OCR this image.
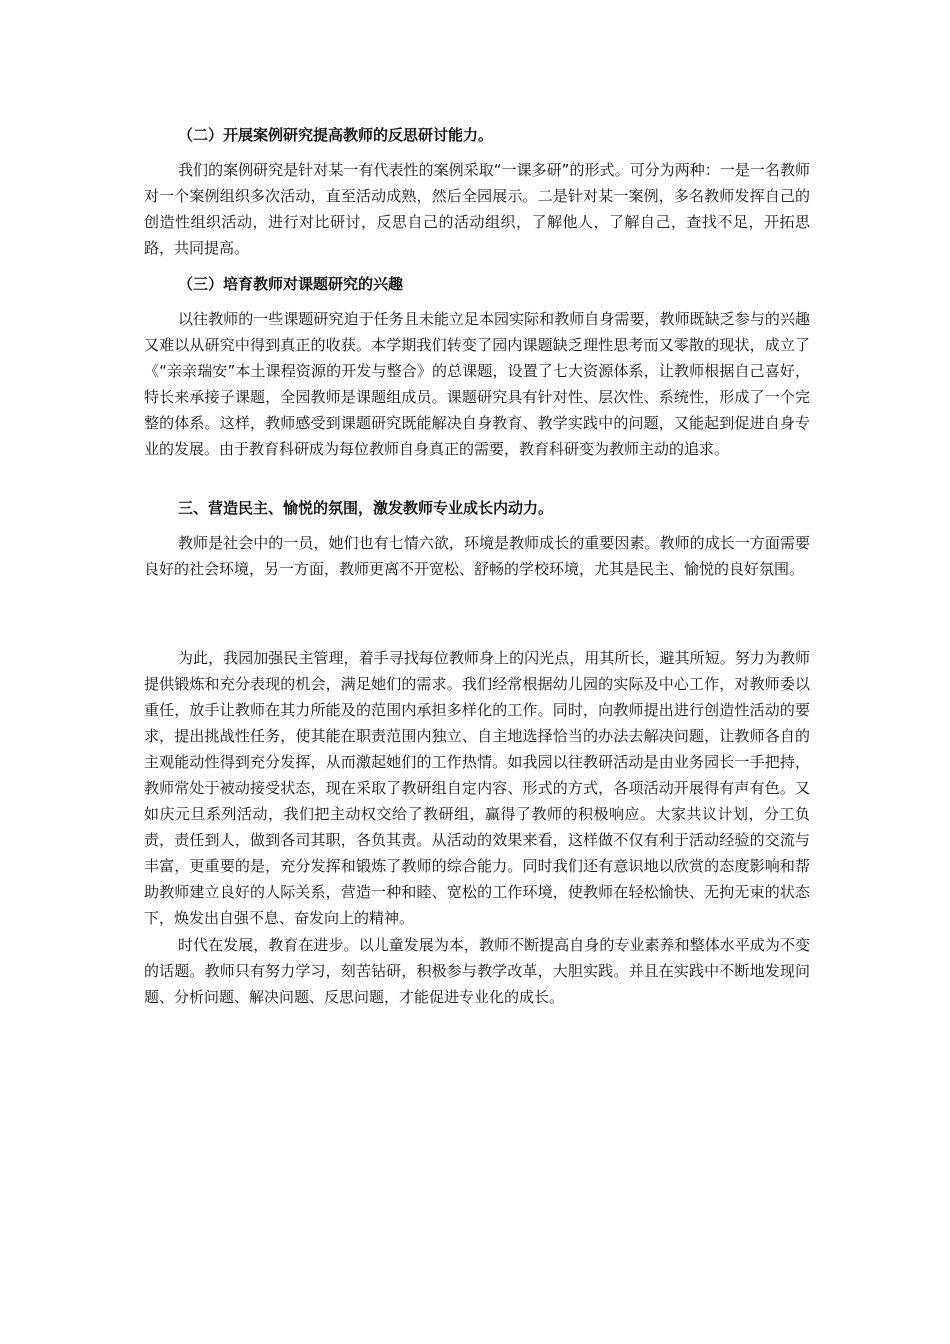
（二）开展案例研究提高教师的反思研讨能力。

我们的案例研究是针对某一有代表性的案例采取“一课多研”的形式。可分为两种：一是一名教师对一个案例组织多次活动，直至活动成熟，然后全园展示。二是针对某一案例，多名教师发挥自己的创造性组织活动，进行对比研讨，反思自己的活动组织，了解他人，了解自己，查找不足，开拓思路，共同提高。

（三）培育教师对课题研究的兴趣

以往教师的一些课题研究迫于任务且未能立足本园实际和教师自身需要，教师既缺乏参与的兴趣又难以从研究中得到真正的收获。本学期我们转变了园内课题缺乏理性思考而又零散的现状，成立了《“亲亲瑞安”本土课程资源的开发与整合》的总课题，设置了七大资源体系，让教师根据自己喜好，特长来承接子课题，全园教师是课题组成员。课题研究具有针对性、层次性、系统性，形成了一个完整的体系。这样，教师感受到课题研究既能解决自身教育、教学实践中的问题，又能起到促进自身专业的发展。由于教育科研成为每位教师自身真正的需要，教育科研变为教师主动的追求。

三、营造民主、愉悦的氛围，激发教师专业成长内动力。

教师是社会中的一员，她们也有七情六欲，环境是教师成长的重要因素。教师的成长一方面需要良好的社会环境，另一方面，教师更离不开宽松、舒畅的学校环境，尤其是民主、愉悦的良好氛围。

为此，我园加强民主管理，着手寻找每位教师身上的闪光点，用其所长，避其所短。努力为教师提供锻炼和充分表现的机会，满足她们的需求。我们经常根据幼儿园的实际及中心工作，对教师委以重任，放手让教师在其力所能及的范围内承担多样化的工作。同时，向教师提出进行创造性活动的要求，提出挑战性任务，使其能在职责范围内独立、自主地选择恰当的办法去解决问题，让教师各自的主观能动性得到充分发挥，从而激起她们的工作热情。如我园以往教研活动是由业务园长一手把持，教师常处于被动接受状态，现在采取了教研组自定内容、形式的方式，各项活动开展得有声有色。又如庆元旦系列活动，我们把主动权交给了教研组，赢得了教师的积极响应。大家共议计划，分工负责，责任到人，做到各司其职，各负其责。从活动的效果来看，这样做不仅有利于活动经验的交流与丰富，更重要的是，充分发挥和锻炼了教师的综合能力。同时我们还有意识地以欣赏的态度影响和帮助教师建立良好的人际关系，营造一种和睦、宽松的工作环境，使教师在轻松愉快、无拘无束的状态下，焕发出自强不息、奋发向上的精神。

时代在发展，教育在进步。以儿童发展为本，教师不断提高自身的专业素养和整体水平成为不变的话题。教师只有努力学习，刻苦钻研，积极参与教学改革，大胆实践。并且在实践中不断地发现问题、分析问题、解决问题、反思问题，才能促进专业化的成长。
